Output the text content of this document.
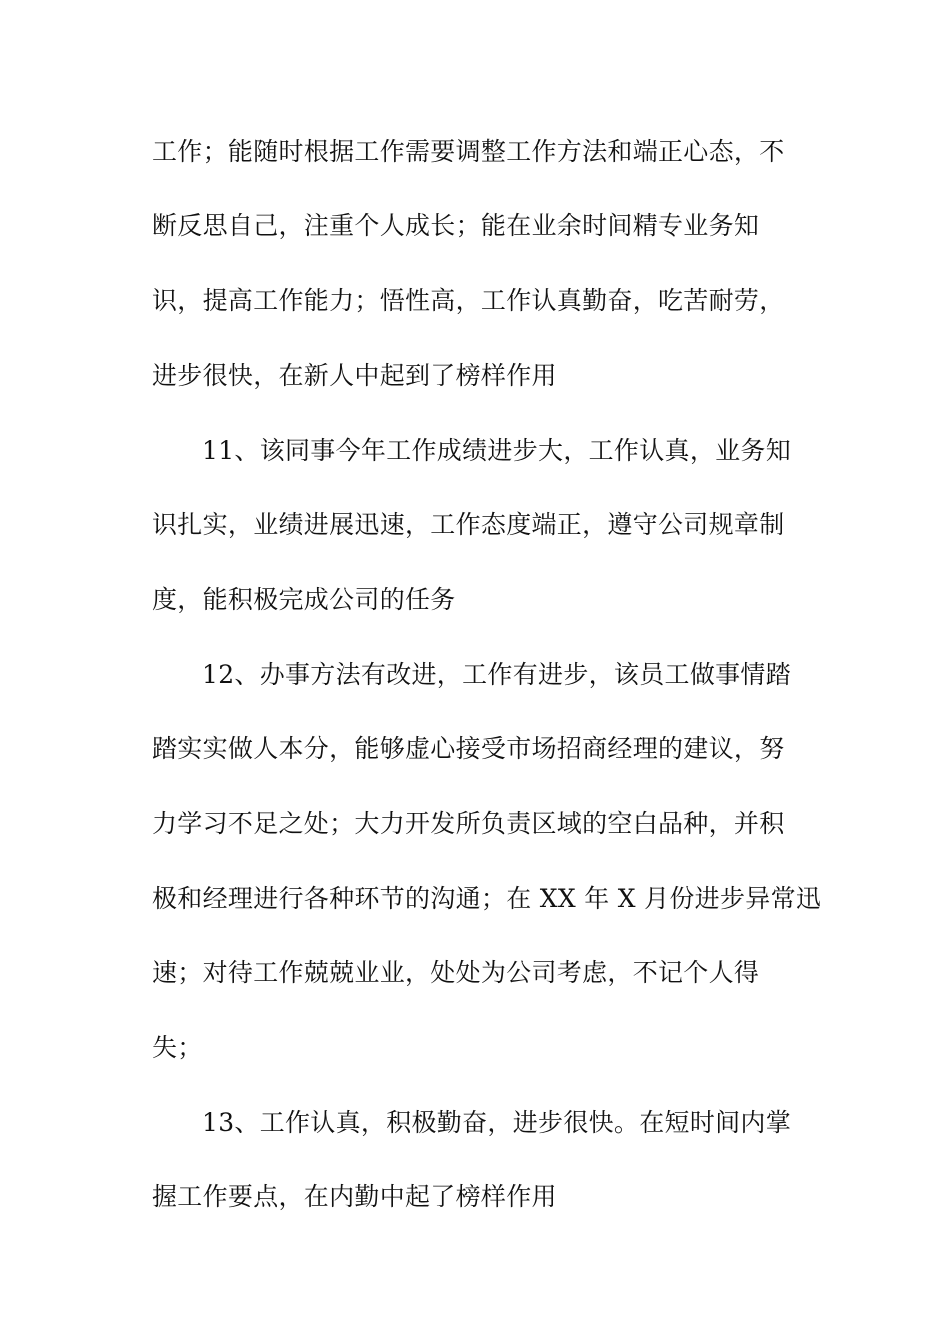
工作；能随时根据工作需要调整工作方法和端正心态，不
断反思自己，注重个人成长；能在业余时间精专业务知
识，提高工作能力；悟性高，工作认真勤奋，吃苦耐劳，
进步很快，在新人中起到了榜样作用
11、该同事今年工作成绩进步大，工作认真，业务知
识扎实，业绩进展迅速，工作态度端正，遵守公司规章制
度，能积极完成公司的任务
12、办事方法有改进，工作有进步，该员工做事情踏
踏实实做人本分，能够虚心接受市场招商经理的建议，努
力学习不足之处；大力开发所负责区域的空白品种，并积
极和经理进行各种环节的沟通；在 XX 年 X 月份进步异常迅
速；对待工作兢兢业业，处处为公司考虑，不记个人得
失；
13、工作认真，积极勤奋，进步很快。在短时间内掌
握工作要点，在内勤中起了榜样作用
